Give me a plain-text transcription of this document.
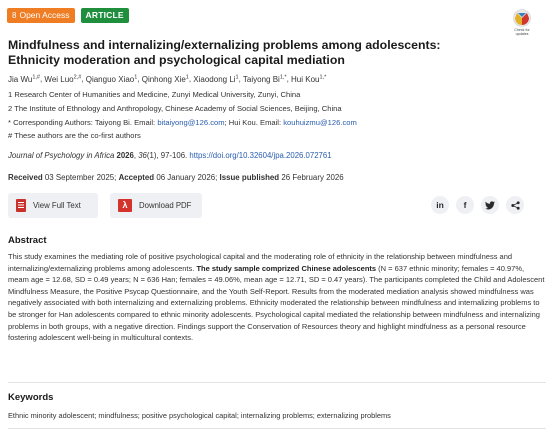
8 Open Access	ARTICLE
Check for updates
Mindfulness and internalizing/externalizing problems among adolescents: Ethnicity moderation and psychological capital mediation
Jia $Wu^{1,\#}$, Wei Luo$^{2,\#}$, Qianguo Xiao$^1$, Qinhong Xie$^1$, Xiaodong Li$^1$, Taiyong $Bi^{1,*}$, Hui Kou$^{1,*}$
1 Research Center of Humanities and Medicine, Zunyi Medical University, Zunyi, China
2 The Institute of Ethnology and Anthropology, Chinese Academy of Social Sciences, Beijing, China
* Corresponding Authors: Taiyong Bi. Email: bitaiyong@126.com; Hui Kou. Email: kouhuizmu@126.com
# These authors are the co-first authors
Journal of Psychology in Africa 2026, 36(1), 97-106. https://doi.org/10.32604/jpa.2026.072761
Received 03 September 2025; Accepted 06 January 2026; Issue published 26 February 2026
View Full Text	λ	Download PDF	in	f
Abstract

This study examines the mediating role of positive psychological capital and the moderating role of ethnicity in the relationship between mindfulness and internalizing/externalizing problems among adolescents. The study sample comprized Chinese adolescents (N = 637 ethnic minority; females = 40.97%, meam age = 12.68, SD = 0.49 years; N = 636 Han; females = 49.06%, mean age = 12.71, SD = 0.47 years). The participants completed the Child and Adolescent Mindfulness Measure, the Positive Psycap Questionnaire, and the Youth Self-Report. Results from the moderated mediation analysis showed mindfulness was negatively associated with both internalizing and externalizing problems. Ethnicity moderated the relationship between mindfulness and internalizing problems to be stronger for Han adolescents compared to ethnic minority adolescents. Psychological capital mediated the relationship between mindfulness and internalizing problems in both groups, with a negative direction. Findings support the Conservation of Resources theory and highlight mindfulness as a personal resource fostering adolescent well-being in multicultural contexts.

Keywords
Ethnic minority adolescent; mindfulness; positive psychological capital; internalizing problems; externalizing problems
